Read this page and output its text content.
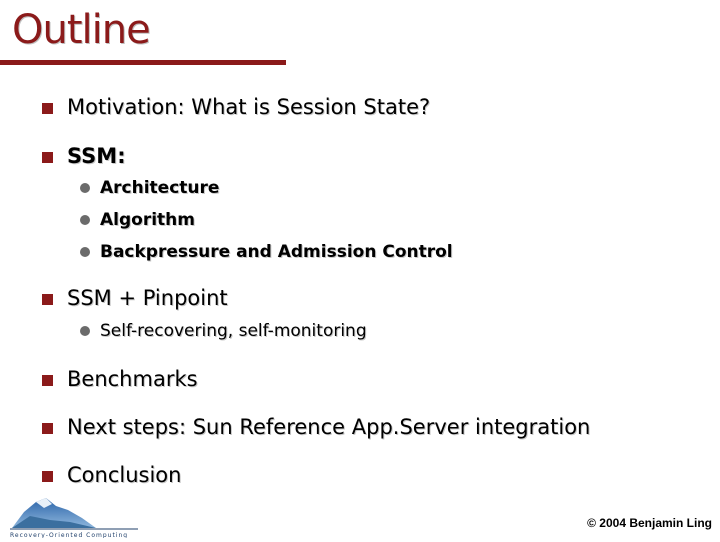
Outline
Motivation: What is Session State?
SSM:
Architecture
Algorithm
Backpressure and Admission Control
SSM + Pinpoint
Self-recovering, self-monitoring
Benchmarks
Next steps: Sun Reference App.Server integration
Conclusion
Recovery-Oriented Computing
© 2004 Benjamin Ling
